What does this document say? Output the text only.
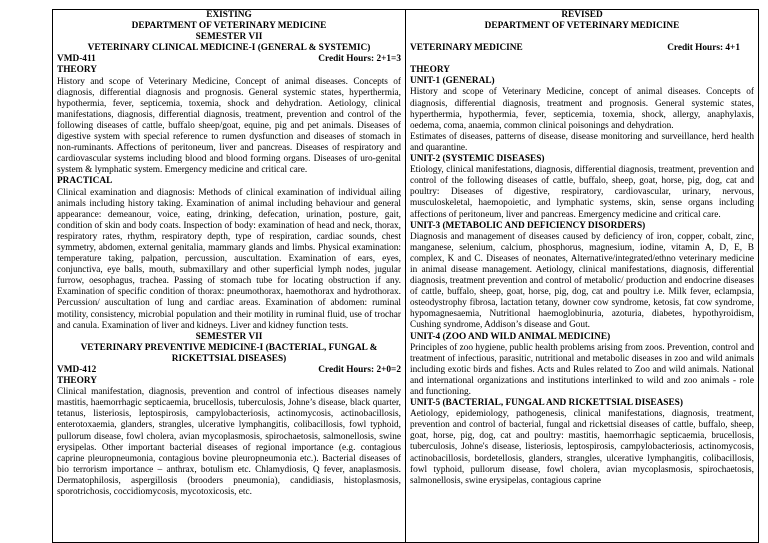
EXISTING
DEPARTMENT OF VETERINARY MEDICINE
SEMESTER VII
VETERINARY CLINICAL MEDICINE-I (GENERAL & SYSTEMIC)
VMD-411	Credit Hours: 2+1=3
THEORY

History and scope of Veterinary Medicine, Concept of animal diseases. Concepts of diagnosis, differential diagnosis and prognosis. General systemic states, hyperthermia, hypothermia, fever, septicemia, toxemia, shock and dehydration. Aetiology, clinical manifestations, diagnosis, differential diagnosis, treatment, prevention and control of the following diseases of cattle, buffalo sheep/goat, equine, pig and pet animals. Diseases of digestive system with special reference to rumen dysfunction and diseases of stomach in non-ruminants. Affections of peritoneum, liver and pancreas. Diseases of respiratory and cardiovascular systems including blood and blood forming organs. Diseases of uro-genital system & lymphatic system. Emergency medicine and critical care.

PRACTICAL

Clinical examination and diagnosis: Methods of clinical examination of individual ailing animals including history taking. Examination of animal including behaviour and general appearance: demeanour, voice, eating, drinking, defecation, urination, posture, gait, condition of skin and body coats. Inspection of body: examination of head and neck, thorax, respiratory rates, rhythm, respiratory depth, type of respiration, cardiac sounds, chest symmetry, abdomen, external genitalia, mammary glands and limbs. Physical examination: temperature taking, palpation, percussion, auscultation. Examination of ears, eyes, conjunctiva, eye balls, mouth, submaxillary and other superficial lymph nodes, jugular furrow, oesophagus, trachea. Passing of stomach tube for locating obstruction if any. Examination of specific condition of thorax: pneumothorax, haemothorax and hydrothorax. Percussion/ auscultation of lung and cardiac areas. Examination of abdomen: ruminal motility, consistency, microbial population and their motility in ruminal fluid, use of trochar and canula. Examination of liver and kidneys. Liver and kidney function tests.

SEMESTER VII
VETERINARY PREVENTIVE MEDICINE-I (BACTERIAL, FUNGAL & RICKETTSIAL DISEASES)
VMD-412	Credit Hours: 2+0=2
THEORY

Clinical manifestation, diagnosis, prevention and control of infectious diseases namely mastitis, haemorrhagic septicaemia, brucellosis, tuberculosis, Johne’s disease, black quarter, tetanus, listeriosis, leptospirosis, campylobacteriosis, actinomycosis, actinobacillosis, enterotoxaemia, glanders, strangles, ulcerative lymphangitis, colibacillosis, fowl typhoid, pullorum disease, fowl cholera, avian mycoplasmosis, spirochaetosis, salmonellosis, swine erysipelas. Other important bacterial diseases of regional importance (e.g. contagious caprine pleuropneumonia, contagious bovine pleuropneumonia etc.). Bacterial diseases of bio terrorism importance – anthrax, botulism etc. Chlamydiosis, Q fever, anaplasmosis. Dermatophilosis, aspergillosis (brooders pneumonia), candidiasis, histoplasmosis, sporotrichosis, coccidiomycosis, mycotoxicosis, etc.

REVISED
DEPARTMENT OF VETERINARY MEDICINE
VETERINARY MEDICINE	Credit Hours: 4+1
THEORY
UNIT-1 (GENERAL)

History and scope of Veterinary Medicine, concept of animal diseases. Concepts of diagnosis, differential diagnosis, treatment and prognosis. General systemic states, hyperthermia, hypothermia, fever, septicemia, toxemia, shock, allergy, anaphylaxis, oedema, coma, anaemia, common clinical poisonings and dehydration.

Estimates of diseases, patterns of disease, disease monitoring and surveillance, herd health and quarantine.

UNIT-2 (SYSTEMIC DISEASES)

Etiology, clinical manifestations, diagnosis, differential diagnosis, treatment, prevention and control of the following diseases of cattle, buffalo, sheep, goat, horse, pig, dog, cat and poultry: Diseases of digestive, respiratory, cardiovascular, urinary, nervous, musculoskeletal, haemopoietic, and lymphatic systems, skin, sense organs including affections of peritoneum, liver and pancreas. Emergency medicine and critical care.

UNIT-3 (METABOLIC AND DEFICIENCY DISORDERS)

Diagnosis and management of diseases caused by deficiency of iron, copper, cobalt, zinc, manganese, selenium, calcium, phosphorus, magnesium, iodine, vitamin A, D, E, B complex, K and C. Diseases of neonates, Alternative/integrated/ethno veterinary medicine in animal disease management. Aetiology, clinical manifestations, diagnosis, differential diagnosis, treatment prevention and control of metabolic/ production and endocrine diseases of cattle, buffalo, sheep, goat, horse, pig, dog, cat and poultry i.e. Milk fever, eclampsia, osteodystrophy fibrosa, lactation tetany, downer cow syndrome, ketosis, fat cow syndrome, hypomagnesaemia, Nutritional haemoglobinuria, azoturia, diabetes, hypothyroidism, Cushing syndrome, Addison’s disease and Gout.

UNIT-4 (ZOO AND WILD ANIMAL MEDICINE)

Principles of zoo hygiene, public health problems arising from zoos. Prevention, control and treatment of infectious, parasitic, nutritional and metabolic diseases in zoo and wild animals including exotic birds and fishes. Acts and Rules related to Zoo and wild animals. National and international organizations and institutions interlinked to wild and zoo animals - role and functioning.

UNIT-5 (BACTERIAL, FUNGAL AND RICKETTSIAL DISEASES)

Aetiology, epidemiology, pathogenesis, clinical manifestations, diagnosis, treatment, prevention and control of bacterial, fungal and rickettsial diseases of cattle, buffalo, sheep, goat, horse, pig, dog, cat and poultry: mastitis, haemorrhagic septicaemia, brucellosis, tuberculosis, Johne's disease, listeriosis, leptospirosis, campylobacteriosis, actinomycosis, actinobacillosis, bordetellosis, glanders, strangles, ulcerative lymphangitis, colibacillosis, fowl typhoid, pullorum disease, fowl cholera, avian mycoplasmosis, spirochaetosis, salmonellosis, swine erysipelas, contagious caprine
